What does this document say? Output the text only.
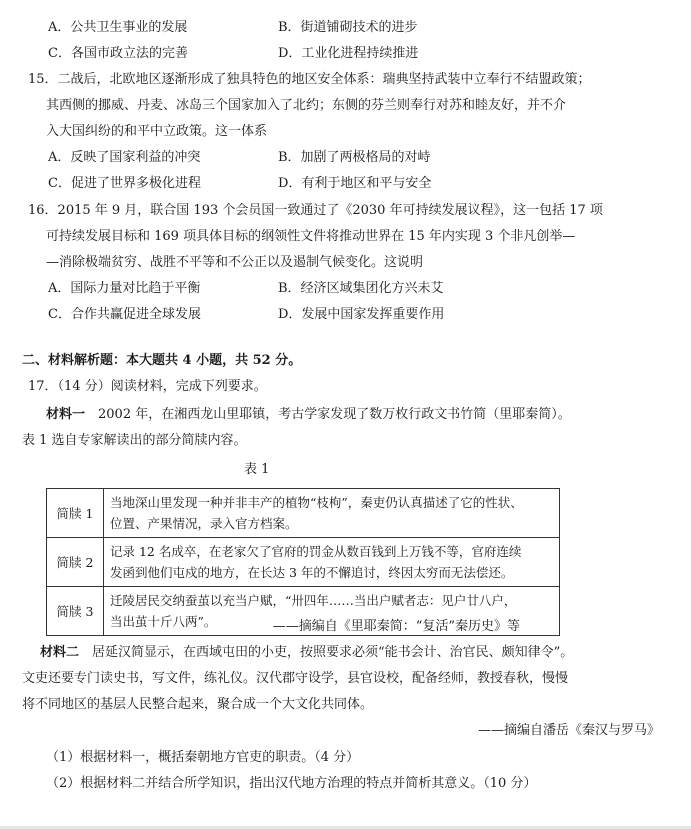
A．公共卫生事业的发展	B．街道铺砌技术的进步
C．各国市政立法的完善	D．工业化进程持续推进
15．二战后，北欧地区逐渐形成了独具特色的地区安全体系：瑞典坚持武装中立奉行不结盟政策；
其西侧的挪威、丹麦、冰岛三个国家加入了北约；东侧的芬兰则奉行对苏和睦友好，并不介
入大国纠纷的和平中立政策。这一体系
A．反映了国家利益的冲突	B．加剧了两极格局的对峙
C．促进了世界多极化进程	D．有利于地区和平与安全
16．2015 年 9 月，联合国 193 个会员国一致通过了《2030 年可持续发展议程》，这一包括 17 项
可持续发展目标和 169 项具体目标的纲领性文件将推动世界在 15 年内实现 3 个非凡创举—
—消除极端贫穷、战胜不平等和不公正以及遏制气候变化。这说明
A．国际力量对比趋于平衡	B．经济区域集团化方兴未艾
C．合作共赢促进全球发展	D．发展中国家发挥重要作用
二、材料解析题：本大题共 4 小题，共 52 分。
17．（14 分）阅读材料，完成下列要求。
材料一　2002 年，在湘西龙山里耶镇，考古学家发现了数万枚行政文书竹简（里耶秦简）。
表 1 选自专家解读出的部分简牍内容。
表 1
简牍 1	当地深山里发现一种并非丰产的植物“枝枸”，秦吏仍认真描述了它的性状、
位置、产果情况，录入官方档案。

简牍 2	记录 12 名成卒，在老家欠了官府的罚金从数百钱到上万钱不等，官府连续
发函到他们屯戍的地方，在长达 3 年的不懈追讨，终因太穷而无法偿还。

简牍 3	迁陵居民交纳蚕茧以充当户赋，“卅四年……当出户赋者志：见户廿八户，
当出茧十斤八两”。	——摘编自《里耶秦简：“复活”秦历史》等
材料二　居延汉简显示，在西域屯田的小吏，按照要求必须“能书会计、治官民、颇知律令”。
文吏还要专门读史书，写文件，练礼仪。汉代郡守设学，县官设校，配备经师，教授春秋，慢慢
将不同地区的基层人民整合起来，聚合成一个大文化共同体。
——摘编自潘岳《秦汉与罗马》
（1）根据材料一，概括秦朝地方官吏的职责。（4 分）
（2）根据材料二并结合所学知识，指出汉代地方治理的特点并简析其意义。（10 分）
